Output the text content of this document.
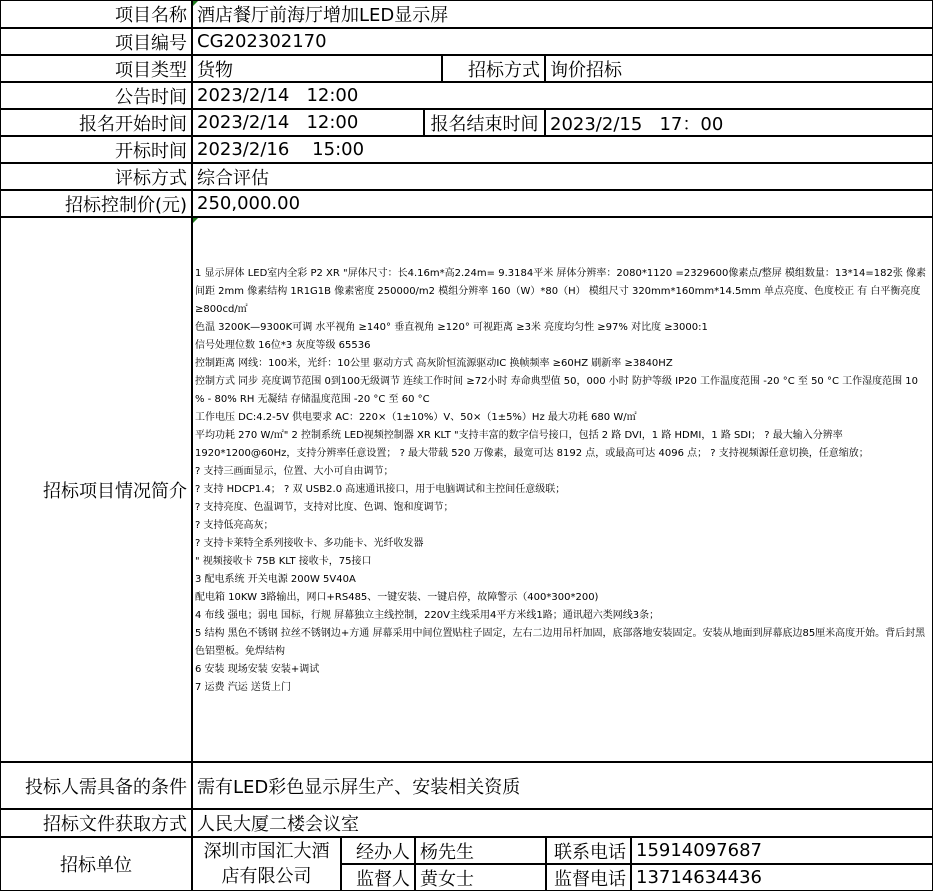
项目名称 酒店餐厅前海厅增加LED显示屏
项目编号 CG202302170
项目类型 货物	招标方式 询价招标
公告时间 2023/2/14   12:00
报名开始时间 2023/2/14   12:00	报名结束时间 2023/2/15   17：00
开标时间 2023/2/16    15:00
评标方式 综合评估
招标控制价(元) 250,000.00
招标项目情况简介

1 显示屏体 LED室内全彩 P2 XR "屏体尺寸：长4.16m*高2.24m= 9.3184平米 屏体分辨率：2080*1120 =2329600像素点/整屏 模组数量：13*14=182张 像素间距 2mm 像素结构 1R1G1B 像素密度 250000/m2 模组分辨率 160（W）*80（H） 模组尺寸 320mm*160mm*14.5mm 单点亮度、色度校正 有 白平衡亮度 ≥800cd/㎡

色温 3200K—9300K可调 水平视角 ≥140° 垂直视角 ≥120° 可视距离 ≥3米 亮度均匀性 ≥97% 对比度 ≥3000:1

信号处理位数 16位*3 灰度等级 65536

控制距离 网线：100米，光纤：10公里 驱动方式 高灰阶恒流源驱动IC 换帧频率 ≥60HZ 刷新率 ≥3840HZ

控制方式 同步 亮度调节范围 0到100无级调节 连续工作时间 ≥72小时 寿命典型值 50，000 小时 防护等级 IP20 工作温度范围 -20 °C 至 50 °C 工作湿度范围 10 % - 80% RH 无凝结 存储温度范围 -20 °C 至 60 °C

工作电压 DC:4.2-5V 供电要求 AC：220×（1±10%）V、50×（1±5%）Hz 最大功耗 680 W/㎡

平均功耗 270 W/㎡" 2 控制系统 LED视频控制器 XR KLT "支持丰富的数字信号接口，包括 2 路 DVI，1 路 HDMI，1 路 SDI； ? 最大输入分辨率 1920*1200@60Hz，支持分辨率任意设置； ? 最大带载 520 万像素，最宽可达 8192 点，或最高可达 4096 点； ? 支持视频源任意切换，任意缩放；

? 支持三画面显示，位置、大小可自由调节；

? 支持 HDCP1.4； ? 双 USB2.0 高速通讯接口，用于电脑调试和主控间任意级联；

? 支持亮度、色温调节，支持对比度、色调、饱和度调节；

? 支持低亮高灰；

? 支持卡莱特全系列接收卡、多功能卡、光纤收发器

" 视频接收卡 75B KLT 接收卡，75接口

3 配电系统 开关电源 200W 5V40A

配电箱 10KW 3路输出，网口+RS485、一键安装、一键启停，故障警示（400*300*200)

4 布线 强电；弱电 国标，行规 屏幕独立主线控制，220V主线采用4平方米线1路；通讯超六类网线3条；

5 结构 黑色不锈钢 拉丝不锈钢边+方通 屏幕采用中间位置贴柱子固定，左右二边用吊杆加固，底部落地安装固定。安装从地面到屏幕底边85厘米高度开始。背后封黑色铝塑板。免焊结构

6 安装 现场安装 安装+调试

7 运费 汽运 送货上门

投标人需具备的条件 需有LED彩色显示屏生产、安装相关资质
招标文件获取方式 人民大厦二楼会议室
招标单位
深圳市国汇大酒
店有限公司
经办人 杨先生	联系电话 15914097687
监督人 黄女士	监督电话 13714634436
